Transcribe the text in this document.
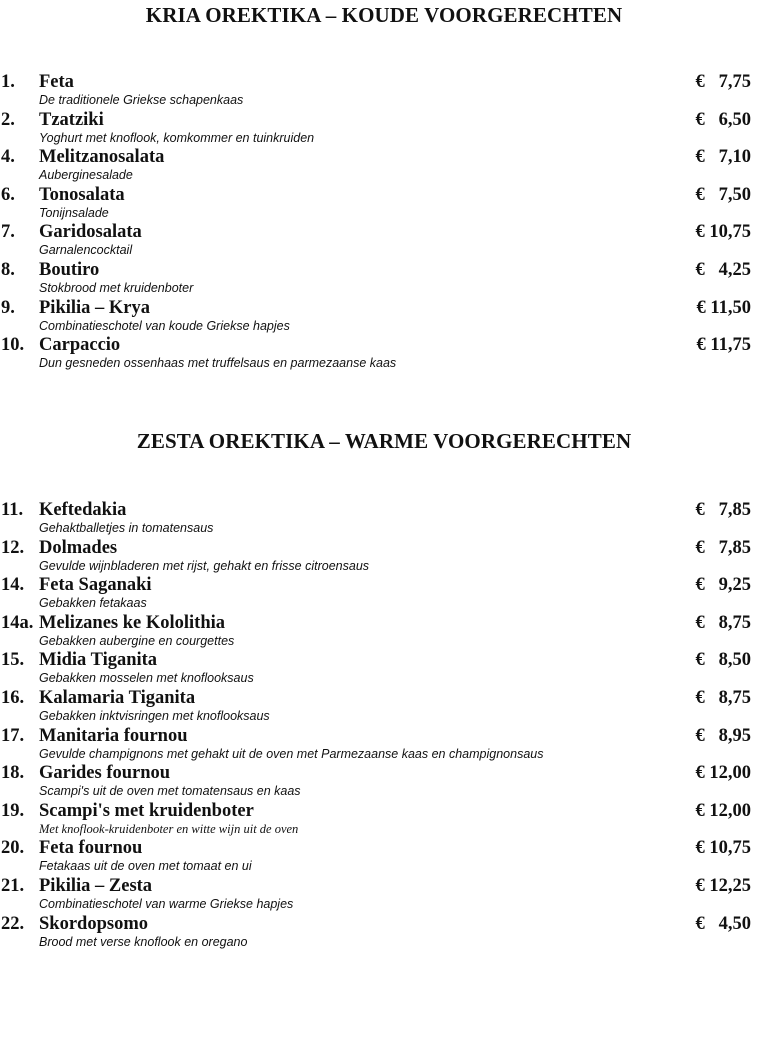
KRIA OREKTIKA – KOUDE VOORGERECHTEN
1. Feta	€   7,75
De traditionele Griekse schapenkaas
2. Tzatziki	€   6,50
Yoghurt met knoflook, komkommer en tuinkruiden
4. Melitzanosalata	€   7,10
Auberginesalade
6. Tonosalata	€   7,50
Tonijnsalade
7. Garidosalata	€ 10,75
Garnalencocktail
8. Boutiro	€   4,25
Stokbrood met kruidenboter
9. Pikilia – Krya	€ 11,50
Combinatieschotel van koude Griekse hapjes
10. Carpaccio	€ 11,75
Dun gesneden ossenhaas met truffelsaus en parmezaanse kaas
ZESTA OREKTIKA – WARME VOORGERECHTEN
11. Keftedakia	€   7,85
Gehaktballetjes in tomatensaus
12. Dolmades	€   7,85
Gevulde wijnbladeren met rijst, gehakt en frisse citroensaus
14. Feta Saganaki	€   9,25
Gebakken fetakaas
14a. Melizanes ke Kololithia	€   8,75
Gebakken aubergine en courgettes
15. Midia Tiganita	€   8,50
Gebakken mosselen met knoflooksaus
16. Kalamaria Tiganita	€   8,75
Gebakken inktvisringen met knoflooksaus
17. Manitaria fournou	€   8,95
Gevulde champignons met gehakt uit de oven met Parmezaanse kaas en champignonsaus
18. Garides fournou	€ 12,00
Scampi's uit de oven met tomatensaus en kaas
19. Scampi's met kruidenboter	€ 12,00
Met knoflook-kruidenboter en witte wijn uit de oven
20. Feta fournou	€ 10,75
Fetakaas uit de oven met tomaat en ui
21. Pikilia – Zesta	€ 12,25
Combinatieschotel van warme Griekse hapjes
22. Skordopsomo	€   4,50
Brood met verse knoflook en oregano
